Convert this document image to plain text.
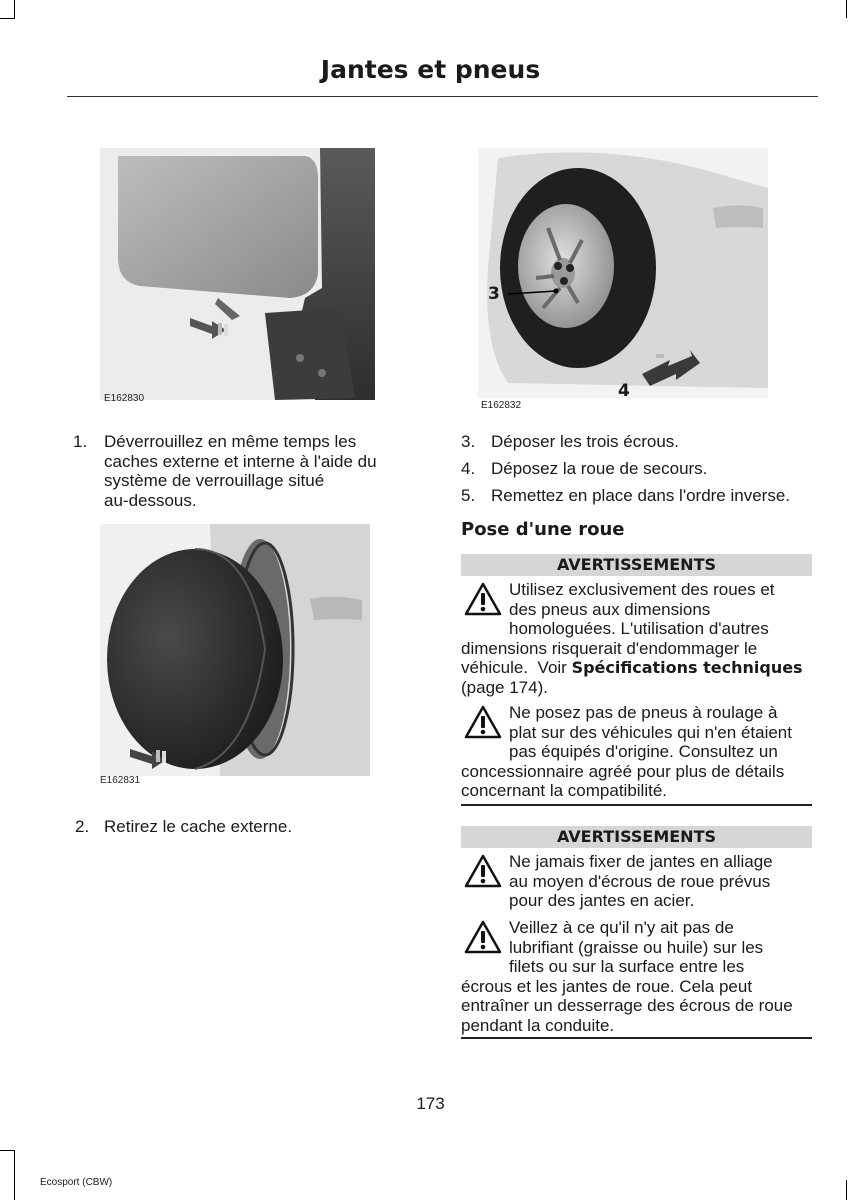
Jantes et pneus
E162830
3
4
E162832
E162831
1. Déverrouillez en même temps les
caches externe et interne à l'aide du
système de verrouillage situé
au-dessous.
2. Retirez le cache externe.
3. Déposer les trois écrous.
4. Déposez la roue de secours.
5. Remettez en place dans l'ordre inverse.
Pose d'une roue
AVERTISSEMENTS
Utilisez exclusivement des roues et
des pneus aux dimensions
homologuées. L'utilisation d'autres
dimensions risquerait d'endommager le
véhicule.  Voir Spécifications techniques
(page 174).
Ne posez pas de pneus à roulage à
plat sur des véhicules qui n'en étaient
pas équipés d'origine. Consultez un
concessionnaire agréé pour plus de détails
concernant la compatibilité.
AVERTISSEMENTS
Ne jamais fixer de jantes en alliage
au moyen d'écrous de roue prévus
pour des jantes en acier.
Veillez à ce qu'il n'y ait pas de
lubrifiant (graisse ou huile) sur les
filets ou sur la surface entre les
écrous et les jantes de roue. Cela peut
entraîner un desserrage des écrous de roue
pendant la conduite.
173
Ecosport (CBW)
